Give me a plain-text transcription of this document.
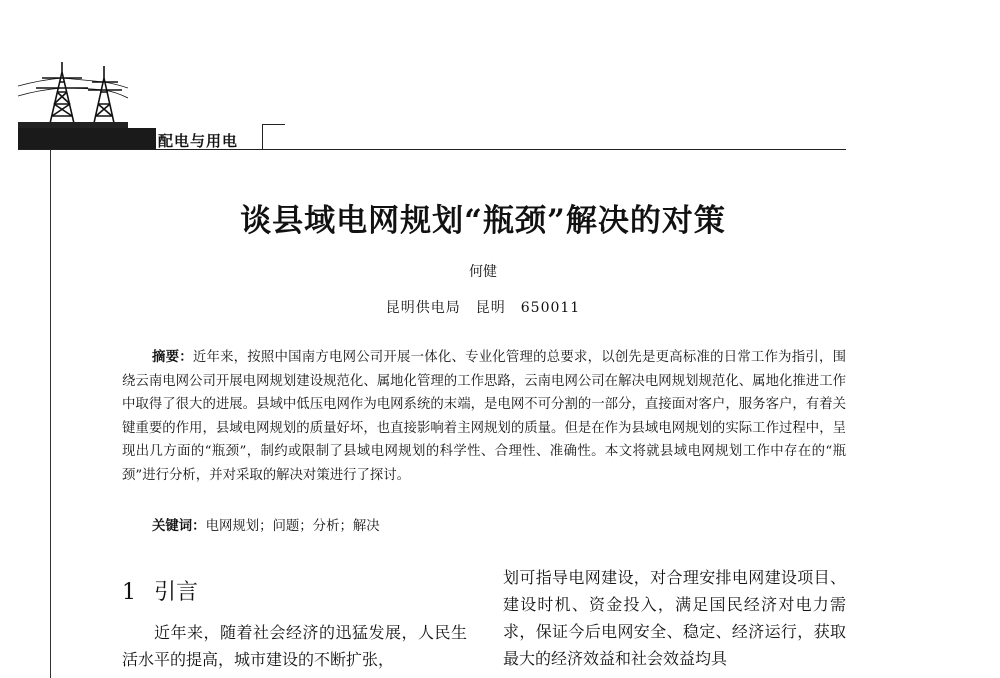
配电与用电
谈县域电网规划“瓶颈”解决的对策
何健
昆明供电局　昆明　650011

摘要：近年来，按照中国南方电网公司开展一体化、专业化管理的总要求，以创先是更高标准的日常工作为指引，围绕云南电网公司开展电网规划建设规范化、属地化管理的工作思路，云南电网公司在解决电网规划规范化、属地化推进工作中取得了很大的进展。县域中低压电网作为电网系统的末端，是电网不可分割的一部分，直接面对客户，服务客户，有着关键重要的作用，县域电网规划的质量好坏，也直接影响着主网规划的质量。但是在作为县域电网规划的实际工作过程中，呈现出几方面的“瓶颈”，制约或限制了县域电网规划的科学性、合理性、准确性。本文将就县域电网规划工作中存在的“瓶颈”进行分析，并对采取的解决对策进行了探讨。

关键词：电网规划；问题；分析；解决

1 引言

近年来，随着社会经济的迅猛发展，人民生活水平的提高，城市建设的不断扩张，

划可指导电网建设，对合理安排电网建设项目、建设时机、资金投入，满足国民经济对电力需求，保证今后电网安全、稳定、经济运行，获取最大的经济效益和社会效益均具
